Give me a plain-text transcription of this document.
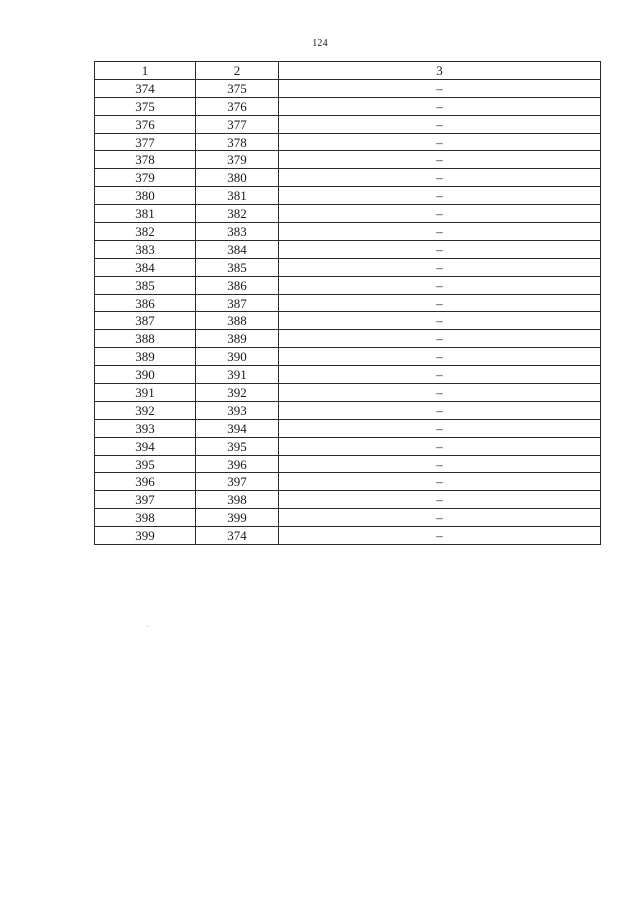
124
1	2	3
374	375	–
375	376	–
376	377	–
377	378	–
378	379	–
379	380	–
380	381	–
381	382	–
382	383	–
383	384	–
384	385	–
385	386	–
386	387	–
387	388	–
388	389	–
389	390	–
390	391	–
391	392	–
392	393	–
393	394	–
394	395	–
395	396	–
396	397	–
397	398	–
398	399	–
399	374	–
